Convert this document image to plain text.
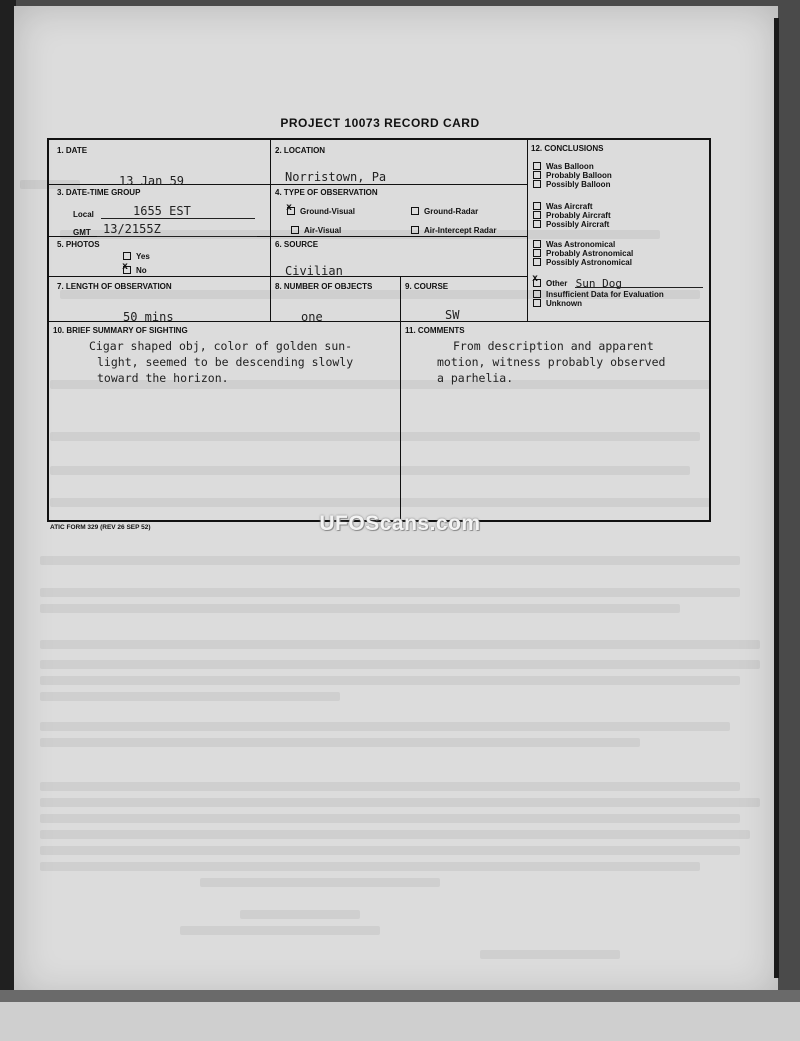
PROJECT 10073 RECORD CARD
1. DATE
13 Jan 59
2. LOCATION
Norristown, Pa
3. DATE-TIME GROUP
Local	1655 EST
GMT 13/2155Z
4. TYPE OF OBSERVATION
xGround-Visual	Ground-Radar
Air-Visual	Air-Intercept Radar
5. PHOTOS
Yes
xNo
6. SOURCE
Civilian
7. LENGTH OF OBSERVATION
50 mins
8. NUMBER OF OBJECTS
one
9. COURSE
SW
10. BRIEF SUMMARY OF SIGHTING
Cigar shaped obj, color of golden sun-
light, seemed to be descending slowly
toward the horizon.
11. COMMENTS
From description and apparent
motion, witness probably observed
a parhelia.
12. CONCLUSIONS
Was Balloon
Probably Balloon
Possibly Balloon
Was Aircraft
Probably Aircraft
Possibly Aircraft
Was Astronomical
Probably Astronomical
Possibly Astronomical
xOther Sun Dog
Insufficient Data for Evaluation
Unknown
ATIC FORM 329 (REV 26 SEP 52)	UFOScans.com
